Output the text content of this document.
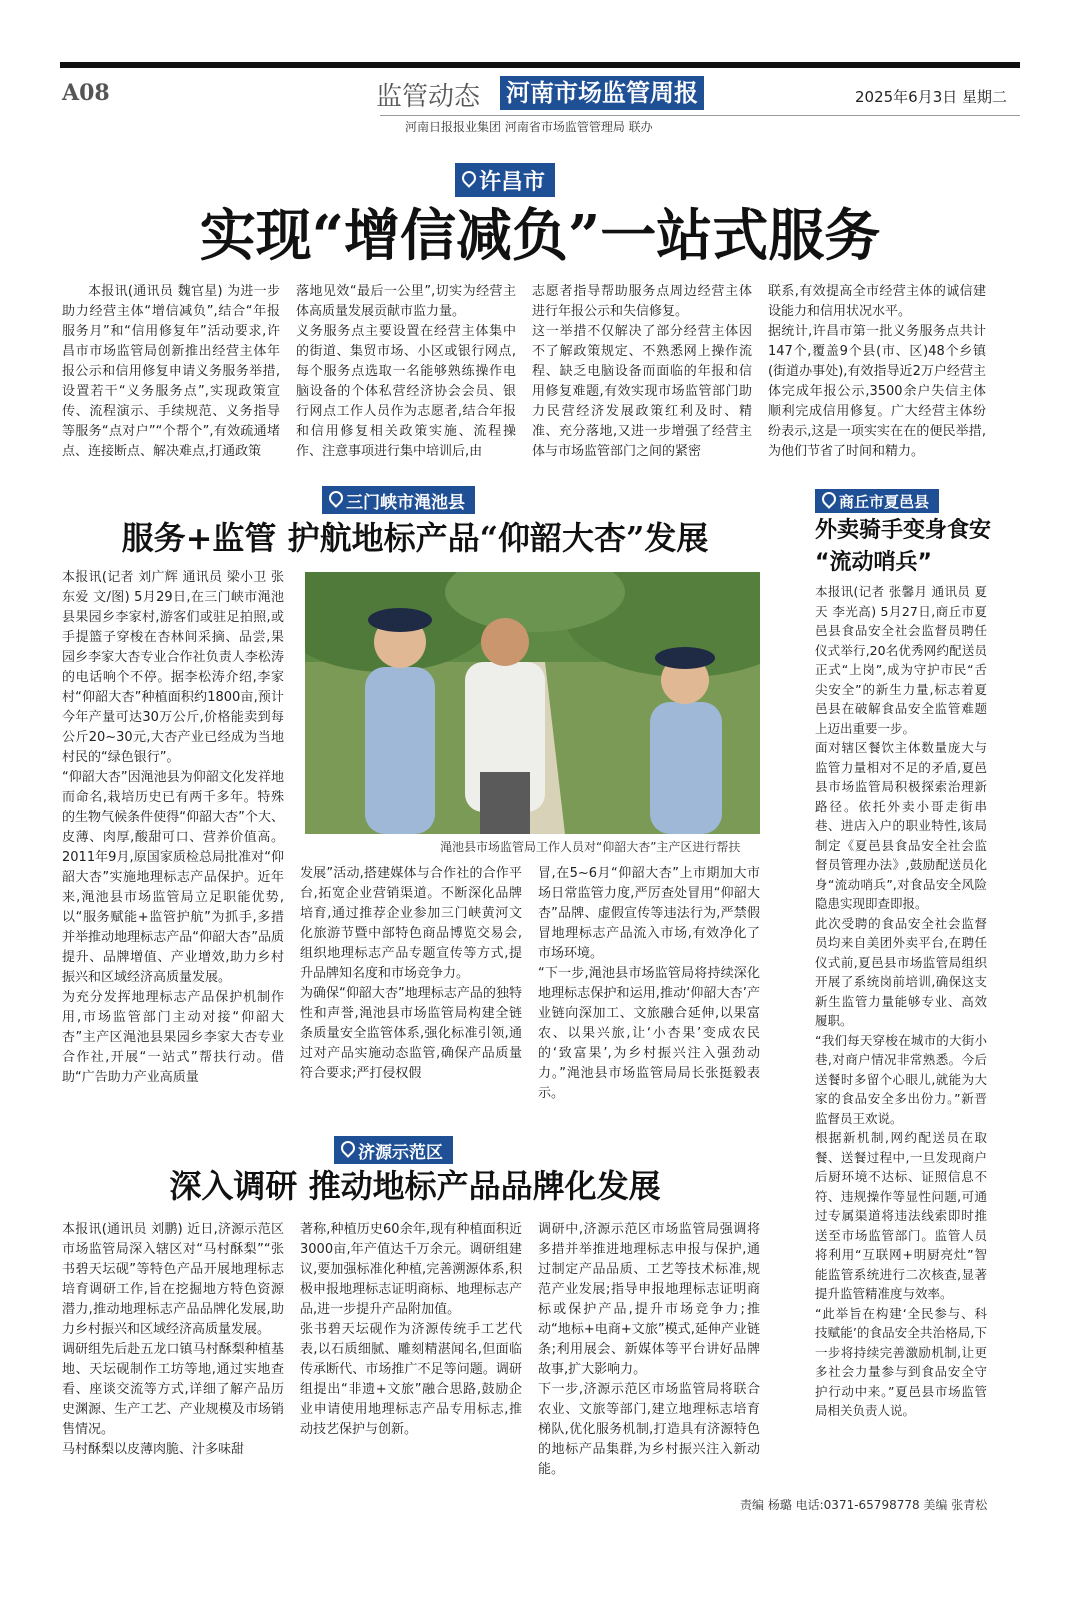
A08	监管动态 河南市场监管周报	2025年6月3日 星期二
河南日报报业集团 河南省市场监管管理局 联办
许昌市
实现“增信减负”一站式服务

本报讯(通讯员 魏官星) 为进一步助力经营主体“增信减负”,结合“年报服务月”和“信用修复年”活动要求,许昌市市场监管局创新推出经营主体年报公示和信用修复申请义务服务举措,设置若干“义务服务点”,实现政策宣传、流程演示、手续规范、义务指导等服务“点对户”“个帮个”,有效疏通堵点、连接断点、解决难点,打通政策

落地见效“最后一公里”,切实为经营主体高质量发展贡献市监力量。
义务服务点主要设置在经营主体集中的街道、集贸市场、小区或银行网点,每个服务点选取一名能够熟练操作电脑设备的个体私营经济协会会员、银行网点工作人员作为志愿者,结合年报和信用修复相关政策实施、流程操作、注意事项进行集中培训后,由

志愿者指导帮助服务点周边经营主体进行年报公示和失信修复。
这一举措不仅解决了部分经营主体因不了解政策规定、不熟悉网上操作流程、缺乏电脑设备而面临的年报和信用修复难题,有效实现市场监管部门助力民营经济发展政策红利及时、精准、充分落地,又进一步增强了经营主体与市场监管部门之间的紧密

联系,有效提高全市经营主体的诚信建设能力和信用状况水平。
据统计,许昌市第一批义务服务点共计147个,覆盖9个县(市、区)48个乡镇(街道办事处),有效指导近2万户经营主体完成年报公示,3500余户失信主体顺利完成信用修复。广大经营主体纷纷表示,这是一项实实在在的便民举措,为他们节省了时间和精力。

三门峡市渑池县
服务+监管 护航地标产品“仰韶大杏”发展

本报讯(记者 刘广辉 通讯员 梁小卫 张东爱 文/图) 5月29日,在三门峡市渑池县果园乡李家村,游客们或驻足拍照,或手提篮子穿梭在杏林间采摘、品尝,果园乡李家大杏专业合作社负责人李松涛的电话响个不停。据李松涛介绍,李家村“仰韶大杏”种植面积约1800亩,预计今年产量可达30万公斤,价格能卖到每公斤20~30元,大杏产业已经成为当地村民的“绿色银行”。
“仰韶大杏”因渑池县为仰韶文化发祥地而命名,栽培历史已有两千多年。特殊的生物气候条件使得“仰韶大杏”个大、皮薄、肉厚,酸甜可口、营养价值高。2011年9月,原国家质检总局批准对“仰韶大杏”实施地理标志产品保护。近年来,渑池县市场监管局立足职能优势,以“服务赋能+监管护航”为抓手,多措并举推动地理标志产品“仰韶大杏”品质提升、品牌增值、产业增效,助力乡村振兴和区域经济高质量发展。
为充分发挥地理标志产品保护机制作用,市场监管部门主动对接“仰韶大杏”主产区渑池县果园乡李家大杏专业合作社,开展“一站式”帮扶行动。借助“广告助力产业高质量

渑池县市场监管局工作人员对“仰韶大杏”主产区进行帮扶

发展”活动,搭建媒体与合作社的合作平台,拓宽企业营销渠道。不断深化品牌培育,通过推荐企业参加三门峡黄河文化旅游节暨中部特色商品博览交易会,组织地理标志产品专题宣传等方式,提升品牌知名度和市场竞争力。
为确保“仰韶大杏”地理标志产品的独特性和声誉,渑池县市场监管局构建全链条质量安全监管体系,强化标准引领,通过对产品实施动态监管,确保产品质量符合要求;严打侵权假

冒,在5~6月“仰韶大杏”上市期加大市场日常监管力度,严厉查处冒用“仰韶大杏”品牌、虚假宣传等违法行为,严禁假冒地理标志产品流入市场,有效净化了市场环境。
“下一步,渑池县市场监管局将持续深化地理标志保护和运用,推动‘仰韶大杏’产业链向深加工、文旅融合延伸,以果富农、以果兴旅,让‘小杏果’变成农民的‘致富果’,为乡村振兴注入强劲动力。”渑池县市场监管局局长张挺毅表示。

商丘市夏邑县
外卖骑手变身食安
“流动哨兵”

本报讯(记者 张馨月 通讯员 夏天 李光高) 5月27日,商丘市夏邑县食品安全社会监督员聘任仪式举行,20名优秀网约配送员正式“上岗”,成为守护市民“舌尖安全”的新生力量,标志着夏邑县在破解食品安全监管难题上迈出重要一步。
面对辖区餐饮主体数量庞大与监管力量相对不足的矛盾,夏邑县市场监管局积极探索治理新路径。依托外卖小哥走街串巷、进店入户的职业特性,该局制定《夏邑县食品安全社会监督员管理办法》,鼓励配送员化身“流动哨兵”,对食品安全风险隐患实现即查即报。
此次受聘的食品安全社会监督员均来自美团外卖平台,在聘任仪式前,夏邑县市场监管局组织开展了系统岗前培训,确保这支新生监管力量能够专业、高效履职。
“我们每天穿梭在城市的大街小巷,对商户情况非常熟悉。今后送餐时多留个心眼儿,就能为大家的食品安全多出份力。”新晋监督员王欢说。
根据新机制,网约配送员在取餐、送餐过程中,一旦发现商户后厨环境不达标、证照信息不符、违规操作等显性问题,可通过专属渠道将违法线索即时推送至市场监管部门。监管人员将利用“互联网+明厨亮灶”智能监管系统进行二次核查,显著提升监管精准度与效率。
“此举旨在构建‘全民参与、科技赋能’的食品安全共治格局,下一步将持续完善激励机制,让更多社会力量参与到食品安全守护行动中来。”夏邑县市场监管局相关负责人说。

济源示范区
深入调研 推动地标产品品牌化发展

本报讯(通讯员 刘鹏) 近日,济源示范区市场监管局深入辖区对“马村酥梨”“张书碧天坛砚”等特色产品开展地理标志培育调研工作,旨在挖掘地方特色资源潜力,推动地理标志产品品牌化发展,助力乡村振兴和区域经济高质量发展。
调研组先后赴五龙口镇马村酥梨种植基地、天坛砚制作工坊等地,通过实地查看、座谈交流等方式,详细了解产品历史渊源、生产工艺、产业规模及市场销售情况。
马村酥梨以皮薄肉脆、汁多味甜

著称,种植历史60余年,现有种植面积近3000亩,年产值达千万余元。调研组建议,要加强标准化种植,完善溯源体系,积极申报地理标志证明商标、地理标志产品,进一步提升产品附加值。
张书碧天坛砚作为济源传统手工艺代表,以石质细腻、雕刻精湛闻名,但面临传承断代、市场推广不足等问题。调研组提出“非遗+文旅”融合思路,鼓励企业申请使用地理标志产品专用标志,推动技艺保护与创新。

调研中,济源示范区市场监管局强调将多措并举推进地理标志申报与保护,通过制定产品品质、工艺等技术标准,规范产业发展;指导申报地理标志证明商标或保护产品,提升市场竞争力;推动“地标+电商+文旅”模式,延伸产业链条;利用展会、新媒体等平台讲好品牌故事,扩大影响力。
下一步,济源示范区市场监管局将联合农业、文旅等部门,建立地理标志培育梯队,优化服务机制,打造具有济源特色的地标产品集群,为乡村振兴注入新动能。

责编 杨璐 电话:0371-65798778 美编 张青松
